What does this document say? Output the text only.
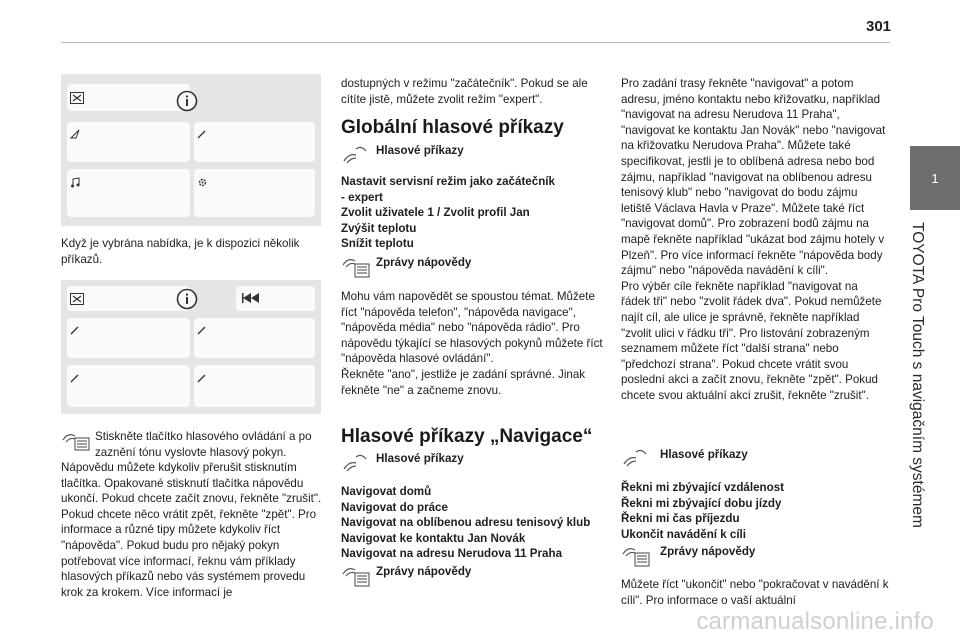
301
1
TOYOTA Pro Touch s navigačním systémem

Když je vybrána nabídka, je k dispozici několik příkazů.

Stiskněte tlačítko hlasového ovládání a po zaznění tónu vyslovte hlasový pokyn.

Nápovědu můžete kdykoliv přerušit stisknutím tlačítka. Opakované stisknutí tlačítka nápovědu ukončí. Pokud chcete začít znovu, řekněte "zrušit". Pokud chcete něco vrátit zpět, řekněte "zpět". Pro informace a různé tipy můžete kdykoliv říct "nápověda". Pokud budu pro nějaký pokyn potřebovat více informací, řeknu vám příklady hlasových příkazů nebo vás systémem provedu krok za krokem. Více informací je

dostupných v režimu "začátečník". Pokud se ale cítíte jistě, můžete zvolit režim "expert".

Globální hlasové příkazy
Hlasové příkazy

Nastavit servisní režim jako začátečník

- expert

Zvolit uživatele 1 / Zvolit profil Jan

Zvýšit teplotu

Snížit teplotu

Zprávy nápovědy

Mohu vám napovědět se spoustou témat. Můžete říct "nápověda telefon", "nápověda navigace", "nápověda média" nebo "nápověda rádio". Pro nápovědu týkající se hlasových pokynů můžete říct "nápověda hlasové ovládání".

Řekněte "ano", jestliže je zadání správné. Jinak řekněte "ne" a začneme znovu.

Hlasové příkazy „Navigace“
Hlasové příkazy

Navigovat domů

Navigovat do práce

Navigovat na oblíbenou adresu tenisový klub

Navigovat ke kontaktu Jan Novák

Navigovat na adresu Nerudova 11 Praha

Zprávy nápovědy

Pro zadání trasy řekněte "navigovat" a potom adresu, jméno kontaktu nebo křižovatku, například "navigovat na adresu Nerudova 11 Praha", "navigovat ke kontaktu Jan Novák" nebo "navigovat na křižovatku Nerudova Praha". Můžete také specifikovat, jestli je to oblíbená adresa nebo bod zájmu, například "navigovat na oblíbenou adresu tenisový klub" nebo "navigovat do bodu zájmu letiště Václava Havla v Praze". Můžete také říct "navigovat domů". Pro zobrazení bodů zájmu na mapě řekněte například "ukázat bod zájmu hotely v Plzeň". Pro více informací řekněte "nápověda body zájmu" nebo "nápověda navádění k cíli".

Pro výběr cíle řekněte například "navigovat na řádek tři" nebo "zvolit řádek dva". Pokud nemůžete najít cíl, ale ulice je správně, řekněte například "zvolit ulici v řádku tři". Pro listování zobrazeným seznamem můžete říct "další strana" nebo "předchozí strana". Pokud chcete vrátit svou poslední akci a začít znovu, řekněte "zpět". Pokud chcete svou aktuální akci zrušit, řekněte "zrušit".

Hlasové příkazy

Řekni mi zbývající vzdálenost

Řekni mi zbývající dobu jízdy

Řekni mi čas příjezdu

Ukončit navádění k cíli

Zprávy nápovědy

Můžete říct "ukončit" nebo "pokračovat v navádění k cíli". Pro informace o vaší aktuální

carmanualsonline.info
